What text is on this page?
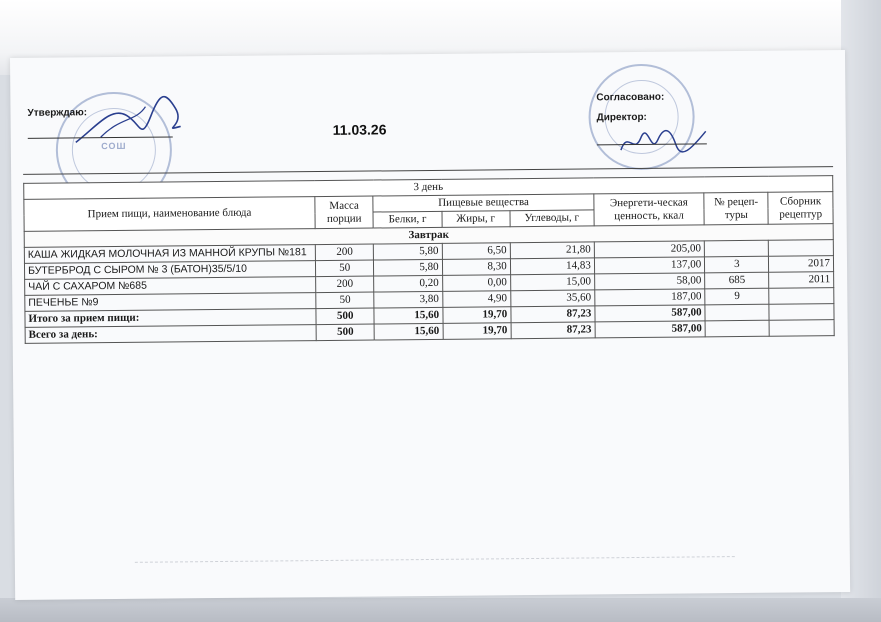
СОШ
Утверждаю:
11.03.26
Согласовано:
Директор:
3 день							
Прием пищи, наименование блюда	Масса порции	Пищевые вещества			Энергети-ческая ценность, ккал	№ рецеп-туры	Сборник рецептур
		Белки, г	Жиры, г	Углеводы, г			
Завтрак							
КАША ЖИДКАЯ МОЛОЧНАЯ ИЗ МАННОЙ КРУПЫ №181	200	5,80	6,50	21,80	205,00		
БУТЕРБРОД С СЫРОМ № 3 (БАТОН)35/5/10	50	5,80	8,30	14,83	137,00	3	2017
ЧАЙ С САХАРОМ №685	200	0,20	0,00	15,00	58,00	685	2011
ПЕЧЕНЬЕ №9	50	3,80	4,90	35,60	187,00	9	
Итого за прием пищи:	500	15,60	19,70	87,23	587,00		
Всего за день:	500	15,60	19,70	87,23	587,00		
